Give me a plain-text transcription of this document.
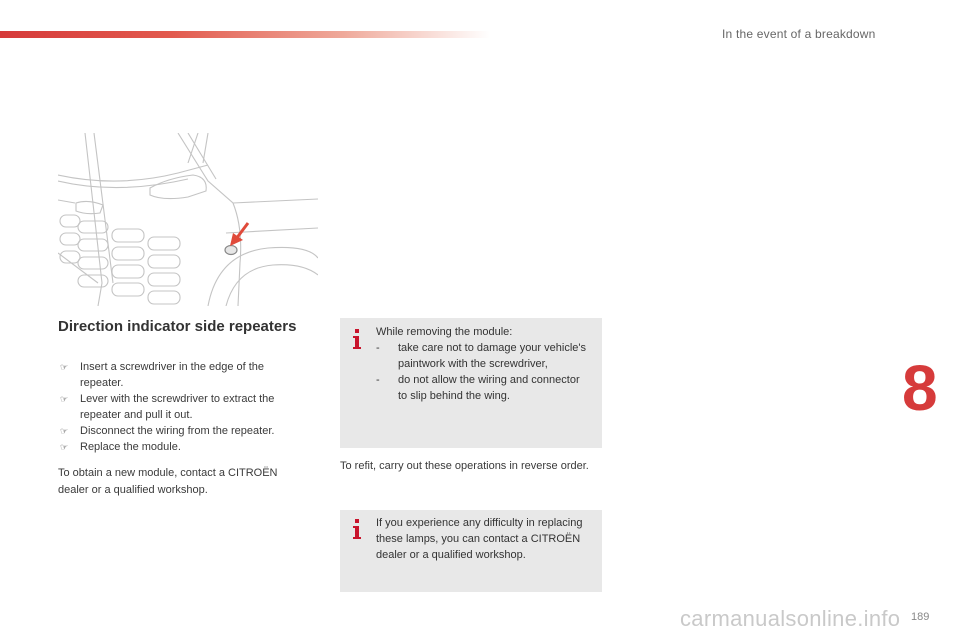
In the event of a breakdown
Direction indicator side repeaters
☞ Insert a screwdriver in the edge of the repeater.
☞ Lever with the screwdriver to extract the repeater and pull it out.
☞ Disconnect the wiring from the repeater.
☞ Replace the module.

To obtain a new module, contact a CITROËN dealer or a qualified workshop.

While removing the module:
- take care not to damage your vehicle's paintwork with the screwdriver,
- do not allow the wiring and connector to slip behind the wing.

To refit, carry out these operations in reverse order.

If you experience any difficulty in replacing these lamps, you can contact a CITROËN dealer or a qualified workshop.
8
carmanualsonline.info 189
